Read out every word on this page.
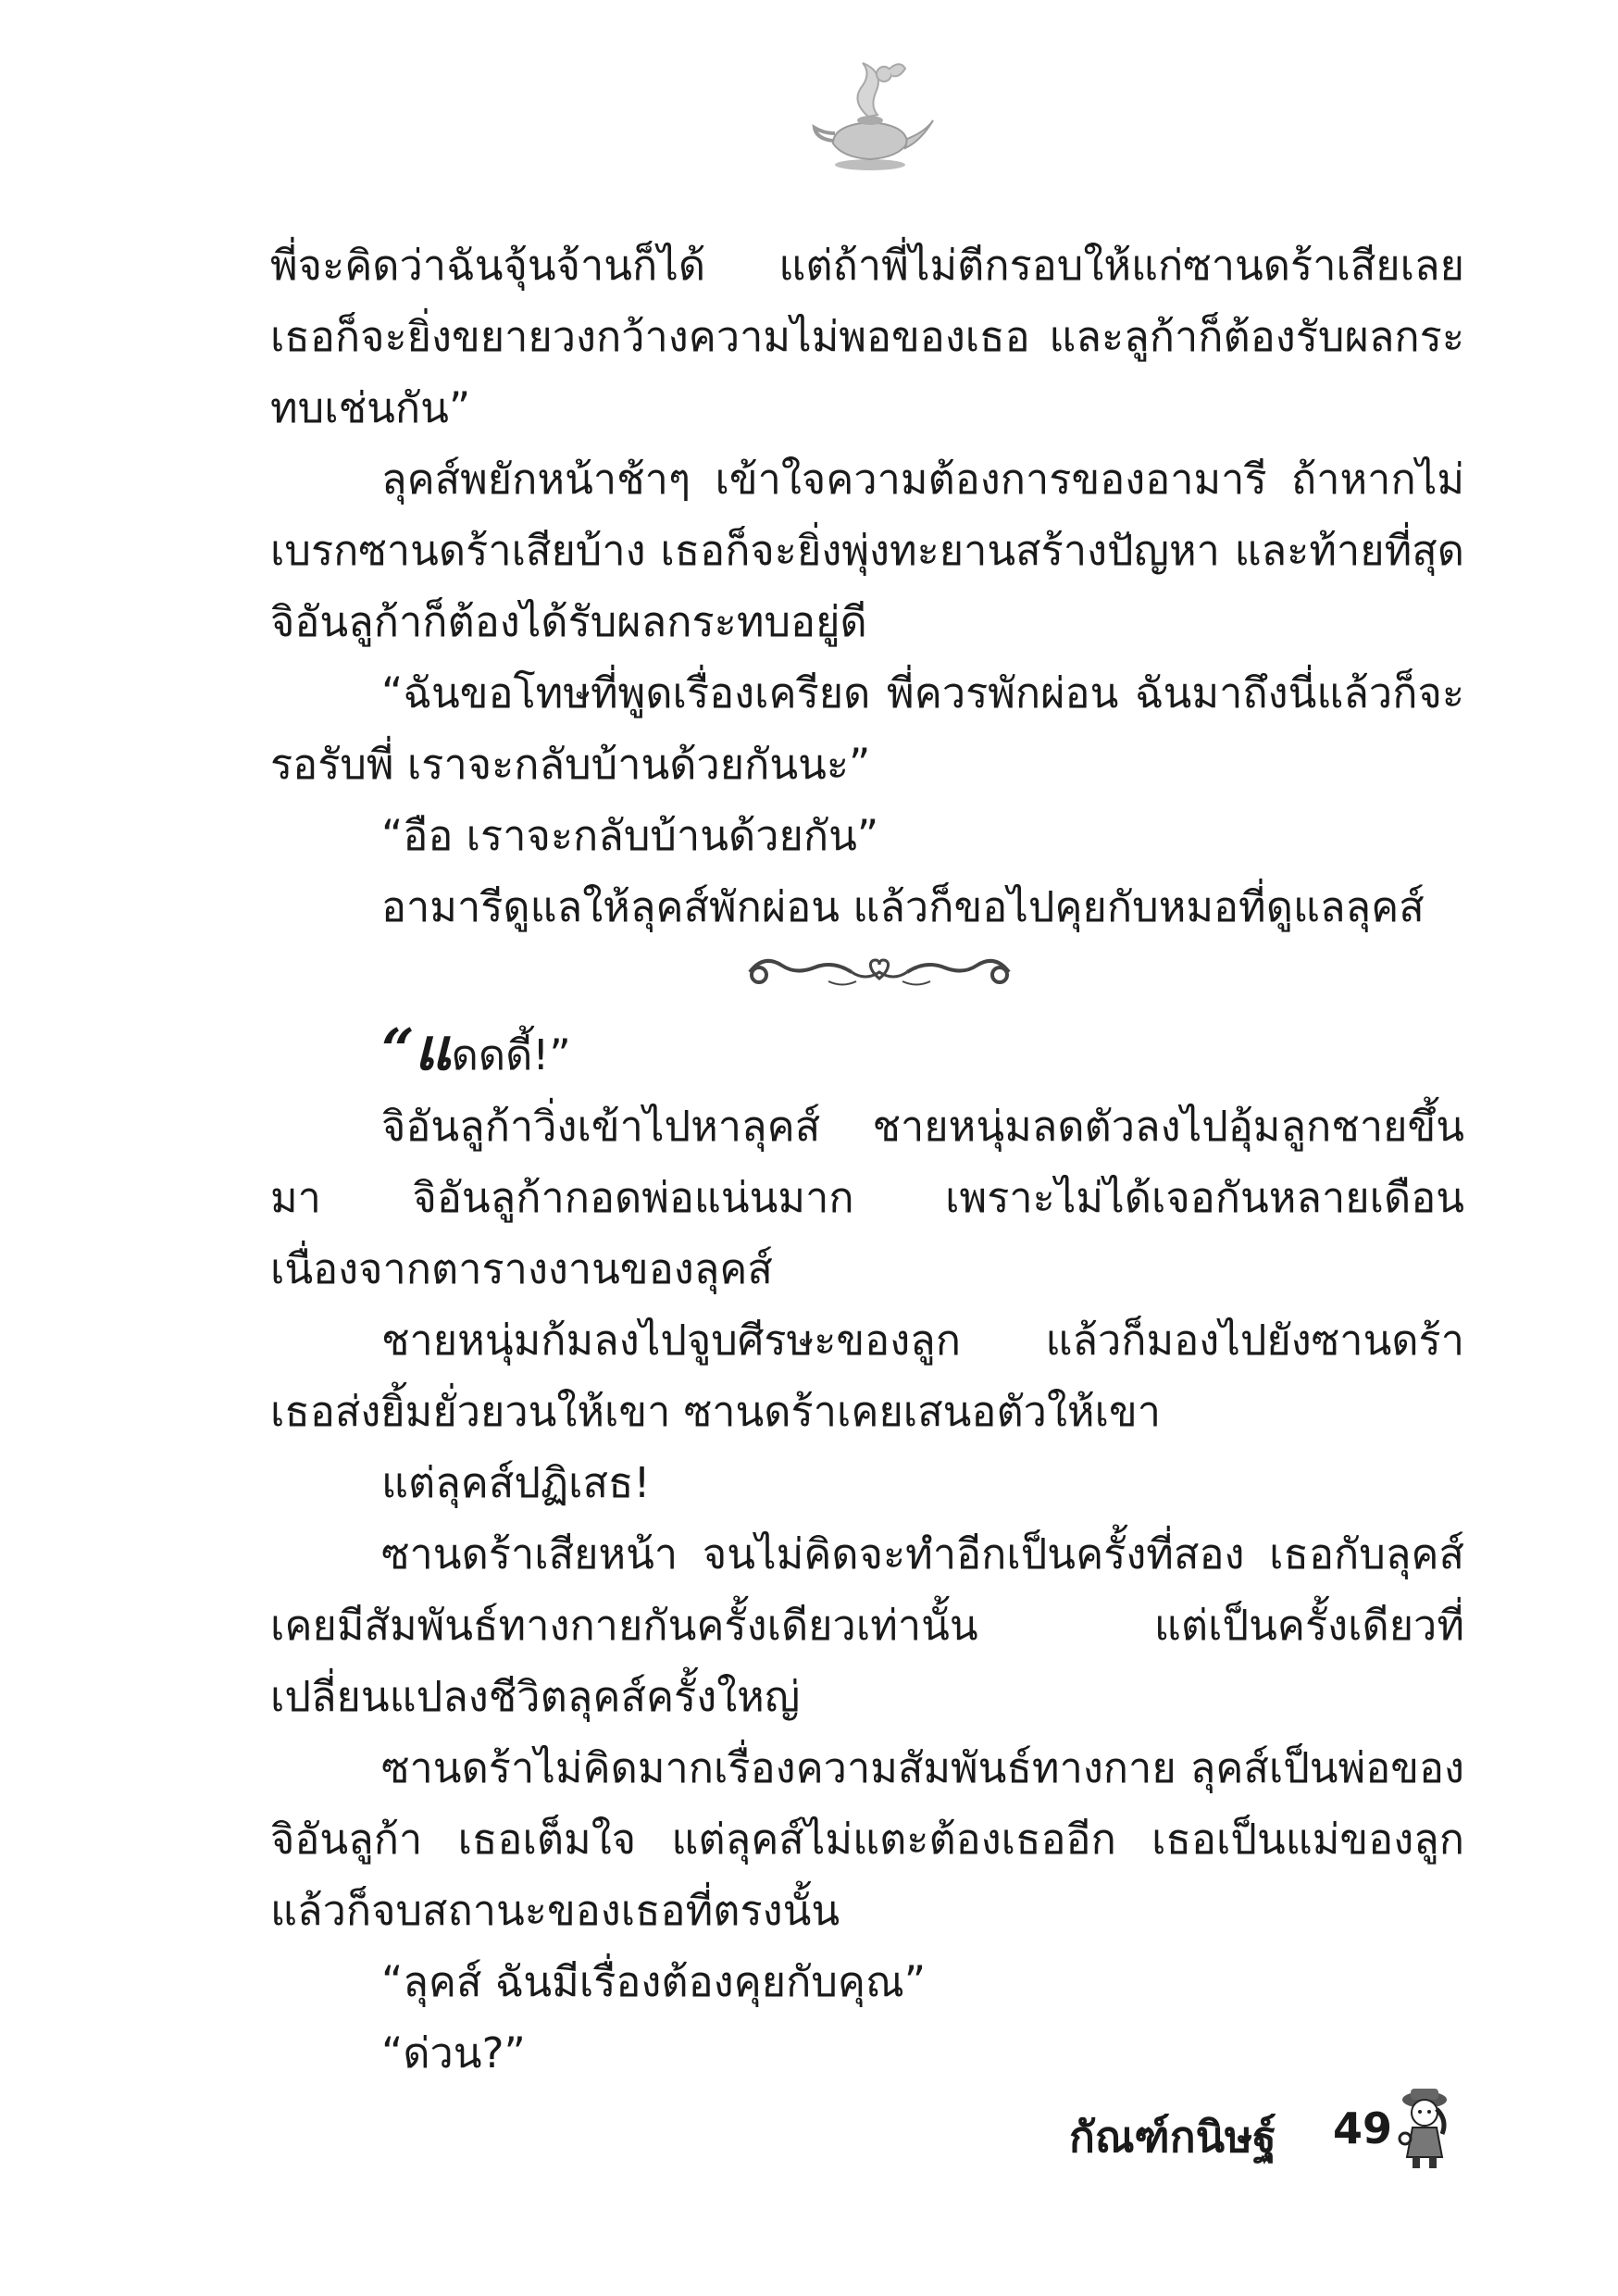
พี่จะคิดว่าฉันจุ้นจ้านก็ได้ แต่ถ้าพี่ไม่ตีกรอบให้แก่ซานดร้าเสียเลย เธอก็จะยิ่งขยายวงกว้างความไม่พอของเธอ และลูก้าก็ต้องรับผลกระทบเช่นกัน”

ลุคส์พยักหน้าช้าๆ เข้าใจความต้องการของอามารี ถ้าหากไม่เบรกซานดร้าเสียบ้าง เธอก็จะยิ่งพุ่งทะยานสร้างปัญหา และท้ายที่สุด จิอันลูก้าก็ต้องได้รับผลกระทบอยู่ดี

“ฉันขอโทษที่พูดเรื่องเครียด พี่ควรพักผ่อน ฉันมาถึงนี่แล้วก็จะรอรับพี่ เราจะกลับบ้านด้วยกันนะ”

“อือ เราจะกลับบ้านด้วยกัน”

อามารีดูแลให้ลุคส์พักผ่อน แล้วก็ขอไปคุยกับหมอที่ดูแลลุคส์

“แดดดี้!”

จิอันลูก้าวิ่งเข้าไปหาลุคส์ ชายหนุ่มลดตัวลงไปอุ้มลูกชายขึ้นมา จิอันลูก้ากอดพ่อแน่นมาก เพราะไม่ได้เจอกันหลายเดือนเนื่องจากตารางงานของลุคส์

ชายหนุ่มก้มลงไปจูบศีรษะของลูก แล้วก็มองไปยังซานดร้า เธอส่งยิ้มยั่วยวนให้เขา ซานดร้าเคยเสนอตัวให้เขา

แต่ลุคส์ปฏิเสธ!

ซานดร้าเสียหน้า จนไม่คิดจะทำอีกเป็นครั้งที่สอง เธอกับลุคส์เคยมีสัมพันธ์ทางกายกันครั้งเดียวเท่านั้น แต่เป็นครั้งเดียวที่เปลี่ยนแปลงชีวิตลุคส์ครั้งใหญ่

ซานดร้าไม่คิดมากเรื่องความสัมพันธ์ทางกาย ลุคส์เป็นพ่อของจิอันลูก้า เธอเต็มใจ แต่ลุคส์ไม่แตะต้องเธออีก เธอเป็นแม่ของลูก แล้วก็จบสถานะของเธอที่ตรงนั้น

“ลุคส์ ฉันมีเรื่องต้องคุยกับคุณ”

“ด่วน?”

กัณฑ์กนิษฐ์ 49
